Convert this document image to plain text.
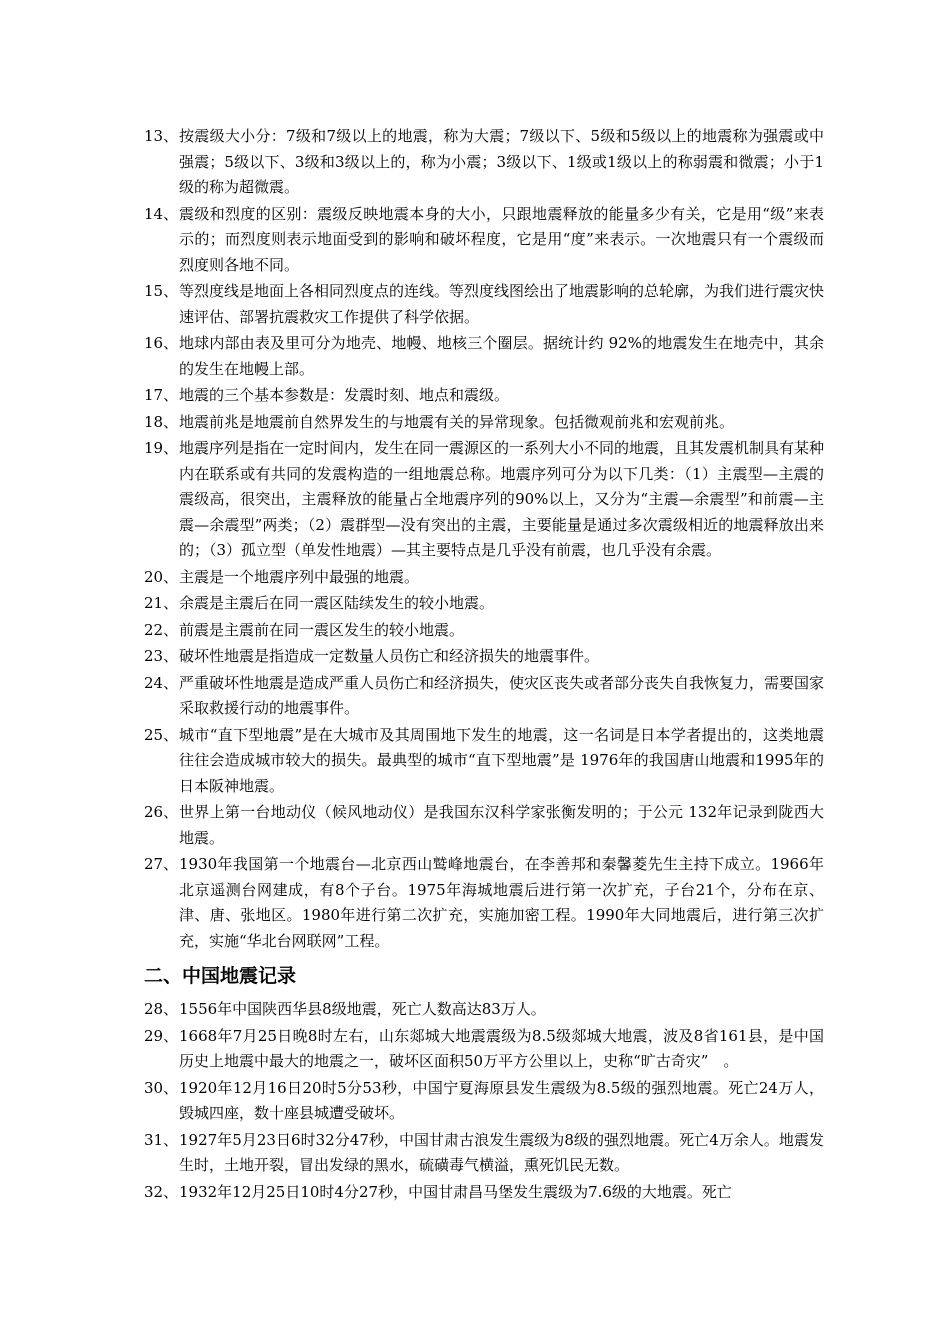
13、 按震级大小分：7级和7级以上的地震，称为大震；7级以下、5级和5级以上的地震称为强震或中强震；5级以下、3级和3级以上的，称为小震；3级以下、1级或1级以上的称弱震和微震；小于1级的称为超微震。
14、 震级和烈度的区别：震级反映地震本身的大小，只跟地震释放的能量多少有关，它是用“级”来表示的；而烈度则表示地面受到的影响和破坏程度，它是用“度”来表示。一次地震只有一个震级而烈度则各地不同。
15、 等烈度线是地面上各相同烈度点的连线。等烈度线图绘出了地震影响的总轮廓，为我们进行震灾快速评估、部署抗震救灾工作提供了科学依据。
16、 地球内部由表及里可分为地壳、地幔、地核三个圈层。据统计约 92%的地震发生在地壳中，其余的发生在地幔上部。
17、 地震的三个基本参数是：发震时刻、地点和震级。
18、 地震前兆是地震前自然界发生的与地震有关的异常现象。包括微观前兆和宏观前兆。
19、 地震序列是指在一定时间内，发生在同一震源区的一系列大小不同的地震，且其发震机制具有某种内在联系或有共同的发震构造的一组地震总称。地震序列可分为以下几类：（1）主震型—主震的震级高，很突出，主震释放的能量占全地震序列的90%以上，又分为“主震—余震型”和前震—主震—余震型”两类；（2）震群型—没有突出的主震，主要能量是通过多次震级相近的地震释放出来的；（3）孤立型（单发性地震）—其主要特点是几乎没有前震，也几乎没有余震。
20、 主震是一个地震序列中最强的地震。
21、 余震是主震后在同一震区陆续发生的较小地震。
22、 前震是主震前在同一震区发生的较小地震。
23、 破坏性地震是指造成一定数量人员伤亡和经济损失的地震事件。
24、 严重破坏性地震是造成严重人员伤亡和经济损失，使灾区丧失或者部分丧失自我恢复力，需要国家采取救援行动的地震事件。
25、 城市“直下型地震”是在大城市及其周围地下发生的地震，这一名词是日本学者提出的，这类地震往往会造成城市较大的损失。最典型的城市“直下型地震”是 1976年的我国唐山地震和1995年的日本阪神地震。
26、 世界上第一台地动仪（候风地动仪）是我国东汉科学家张衡发明的；于公元 132年记录到陇西大地震。
27、 1930年我国第一个地震台—北京西山鹫峰地震台，在李善邦和秦馨菱先生主持下成立。1966年北京遥测台网建成，有8个子台。1975年海城地震后进行第一次扩充，子台21个，分布在京、津、唐、张地区。1980年进行第二次扩充，实施加密工程。1990年大同地震后，进行第三次扩充，实施“华北台网联网”工程。
二、中国地震记录
28、 1556年中国陕西华县8级地震，死亡人数高达83万人。
29、 1668年7月25日晚8时左右，山东郯城大地震震级为8.5级郯城大地震，波及8省161县，是中国历史上地震中最大的地震之一，破坏区面积50万平方公里以上，史称“旷古奇灾”　。
30、 1920年12月16日20时5分53秒，中国宁夏海原县发生震级为8.5级的强烈地震。死亡24万人，毁城四座，数十座县城遭受破坏。
31、 1927年5月23日6时32分47秒，中国甘肃古浪发生震级为8级的强烈地震。死亡4万余人。地震发生时，土地开裂，冒出发绿的黑水，硫磺毒气横溢，熏死饥民无数。
32、 1932年12月25日10时4分27秒，中国甘肃昌马堡发生震级为7.6级的大地震。死亡
